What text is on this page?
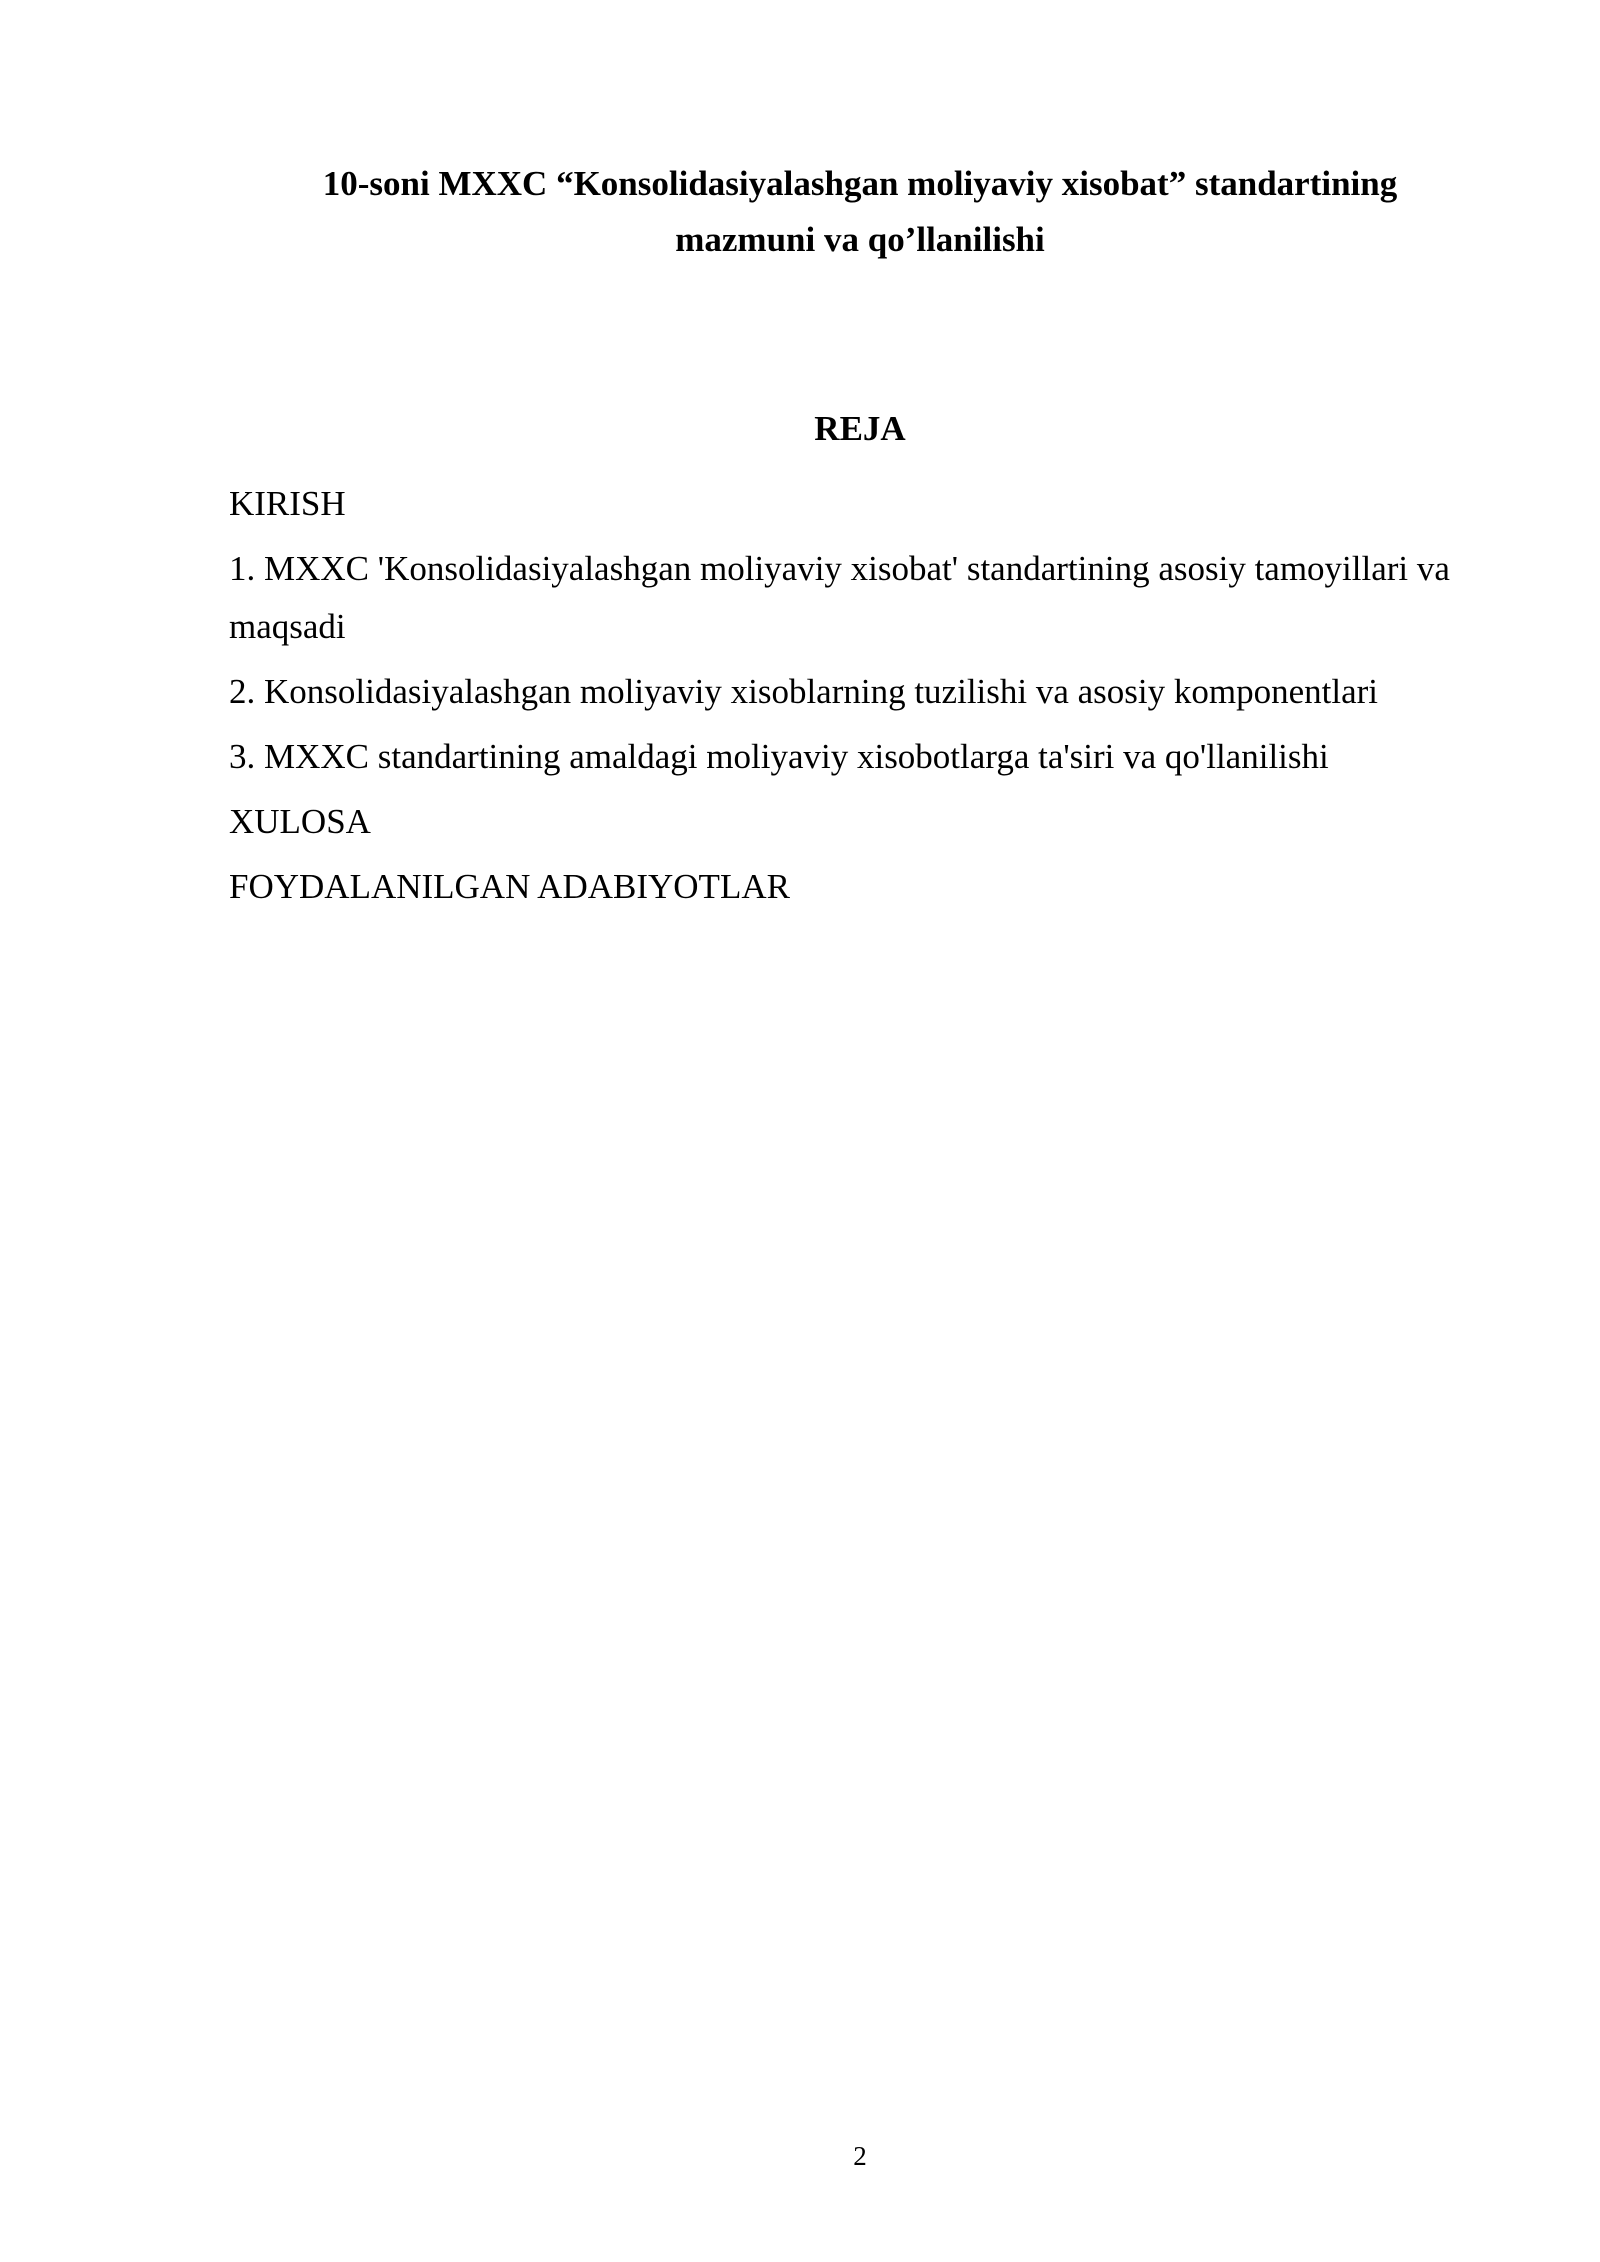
10-soni MXXC “Konsolidasiyalashgan moliyaviy xisobat” standartining mazmuni va qo’llanilishi
REJA
KIRISH
1. MXXC 'Konsolidasiyalashgan moliyaviy xisobat' standartining asosiy tamoyillari va maqsadi
2. Konsolidasiyalashgan moliyaviy xisoblarning tuzilishi va asosiy komponentlari
3. MXXC standartining amaldagi moliyaviy xisobotlarga ta'siri va qo'llanilishi
XULOSA
FOYDALANILGAN ADABIYOTLAR
2
